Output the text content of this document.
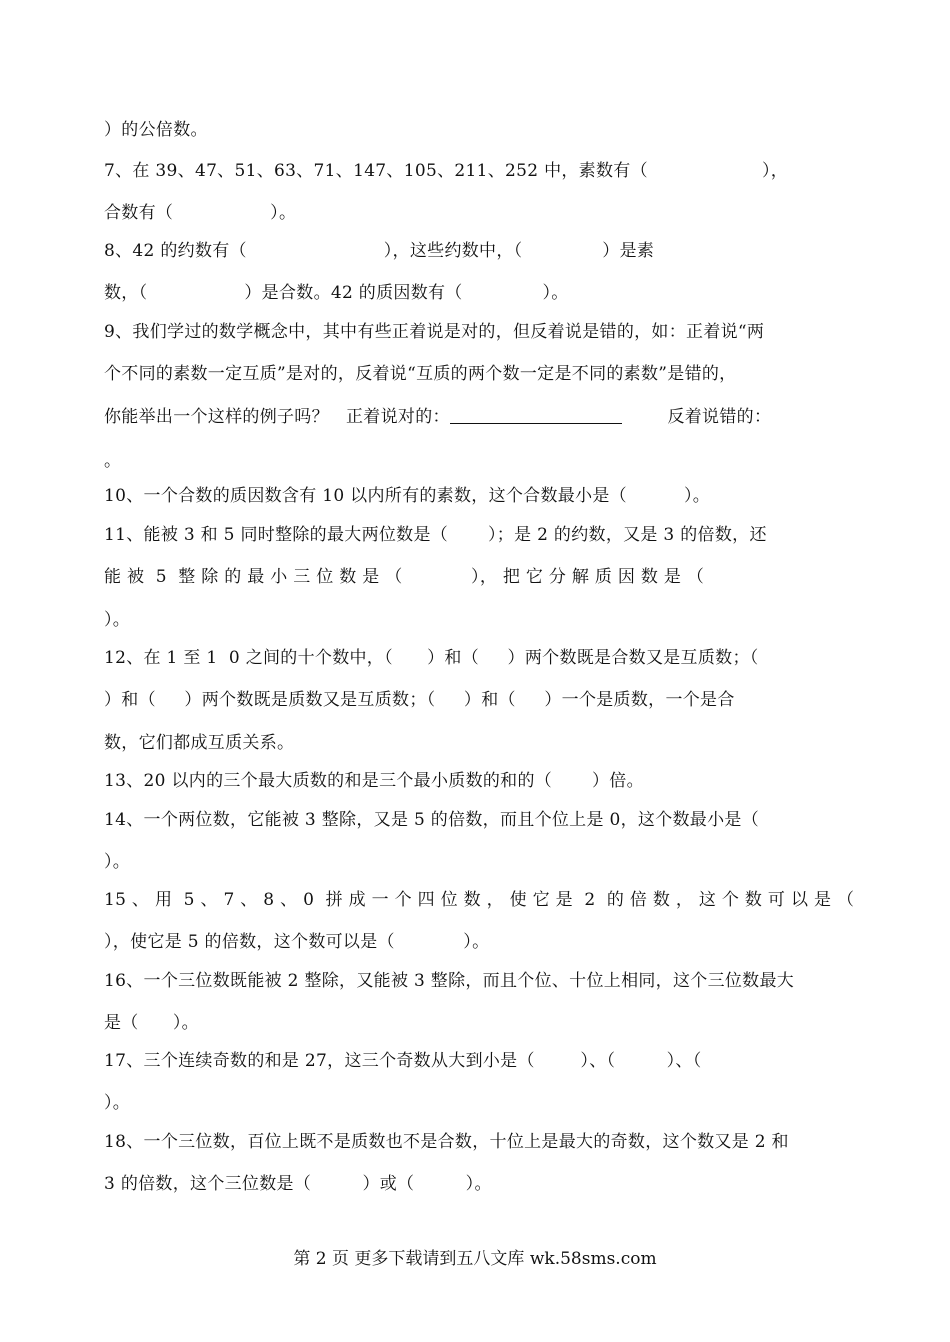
）的公倍数。
7、在 39、47、51、63、71、147、105、211、252 中，素数有（                    ），
合数有（                 ）。
8、42 的约数有（                        ），这些约数中，（              ）是素
数，（                 ）是合数。42 的质因数有（              ）。
9、我们学过的数学概念中，其中有些正着说是对的，但反着说是错的，如：正着说“两
个不同的素数一定互质”是对的，反着说“互质的两个数一定是不同的素数”是错的，
你能举出一个这样的例子吗？   正着说对的：	反着说错的：
。
10、一个合数的质因数含有 10 以内所有的素数，这个合数最小是（          ）。
11、能被 3 和 5 同时整除的最大两位数是（       ）；是 2 的约数，又是 3 的倍数，还
能 被  5  整 除 的 最 小 三 位 数 是 （            ）， 把 它 分 解 质 因 数 是 （
）。
12、在 1 至 1  0 之间的十个数中，（      ）和（     ）两个数既是合数又是互质数；（
）和（     ）两个数既是质数又是互质数；（     ）和（     ）一个是质数，一个是合
数，它们都成互质关系。
13、20 以内的三个最大质数的和是三个最小质数的和的（       ）倍。
14、一个两位数，它能被 3 整除，又是 5 的倍数，而且个位上是 0，这个数最小是（
）。
15 、 用  5 、 7 、 8 、 0  拼 成 一 个 四 位 数 ， 使 它 是  2  的 倍 数 ， 这 个 数 可 以 是 （
），使它是 5 的倍数，这个数可以是（            ）。
16、一个三位数既能被 2 整除，又能被 3 整除，而且个位、十位上相同，这个三位数最大
是（      ）。
17、三个连续奇数的和是 27，这三个奇数从大到小是（        ）、（         ）、（
）。
18、一个三位数，百位上既不是质数也不是合数，十位上是最大的奇数，这个数又是 2 和
3 的倍数，这个三位数是（         ）或（         ）。
第 2 页 更多下载请到五八文库 wk.58sms.com
